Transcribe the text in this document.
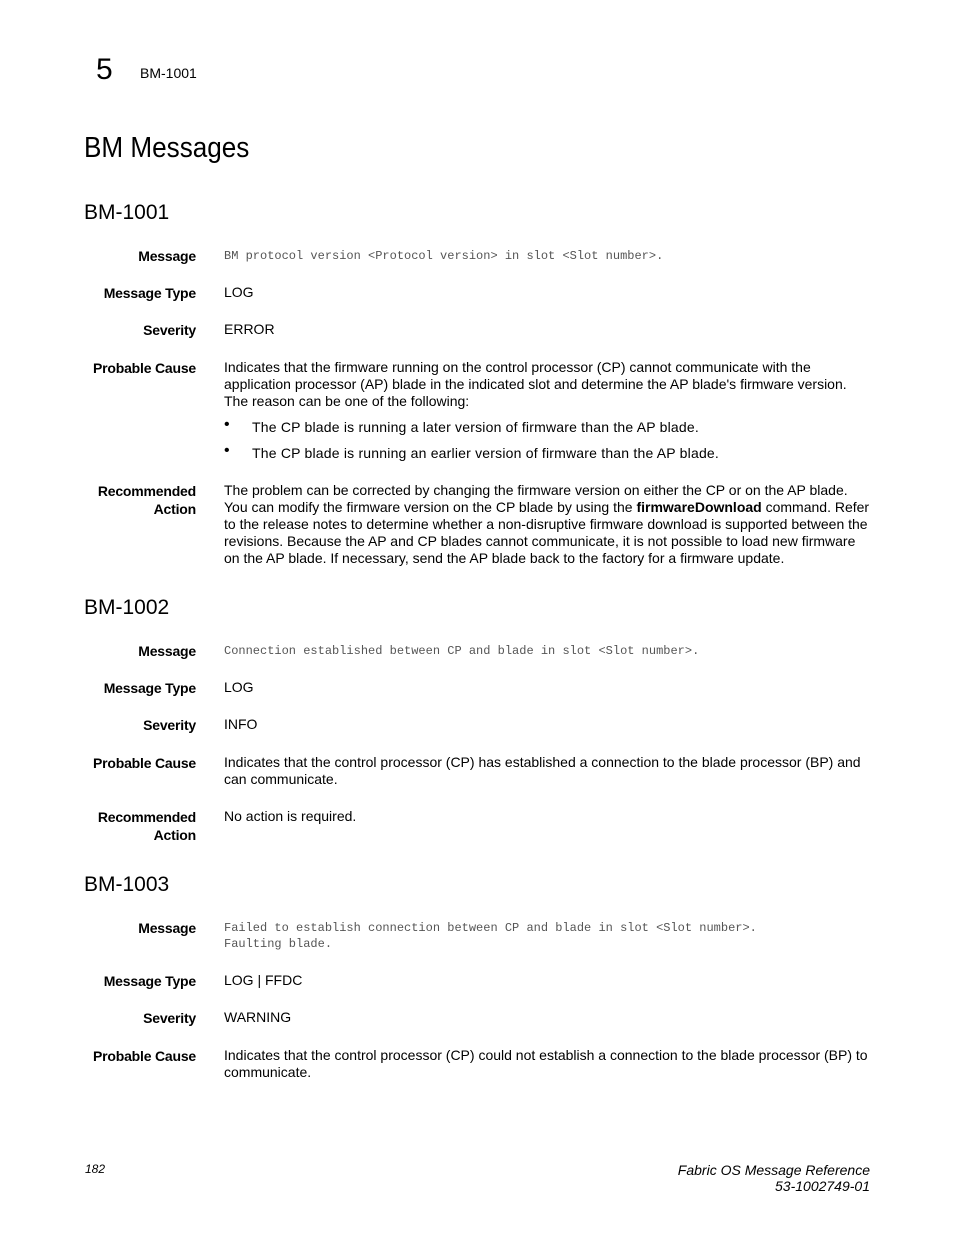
5 BM-1001
BM Messages
BM-1001
Message BM protocol version <Protocol version> in slot <Slot number>.
Message Type LOG
Severity ERROR
Probable Cause Indicates that the firmware running on the control processor (CP) cannot communicate with the application processor (AP) blade in the indicated slot and determine the AP blade's firmware version. The reason can be one of the following:
• The CP blade is running a later version of firmware than the AP blade.
• The CP blade is running an earlier version of firmware than the AP blade.
Recommended
Action
The problem can be corrected by changing the firmware version on either the CP or on the AP blade. You can modify the firmware version on the CP blade by using the firmwareDownload command. Refer to the release notes to determine whether a non-disruptive firmware download is supported between the revisions. Because the AP and CP blades cannot communicate, it is not possible to load new firmware on the AP blade. If necessary, send the AP blade back to the factory for a firmware update.
BM-1002
Message Connection established between CP and blade in slot <Slot number>.
Message Type LOG
Severity INFO
Probable Cause Indicates that the control processor (CP) has established a connection to the blade processor (BP) and can communicate.
Recommended
Action
No action is required.
BM-1003
Message Failed to establish connection between CP and blade in slot <Slot number>.
Faulting blade.
Message Type LOG | FFDC
Severity WARNING
Probable Cause Indicates that the control processor (CP) could not establish a connection to the blade processor (BP) to communicate.
182	Fabric OS Message Reference
53-1002749-01
